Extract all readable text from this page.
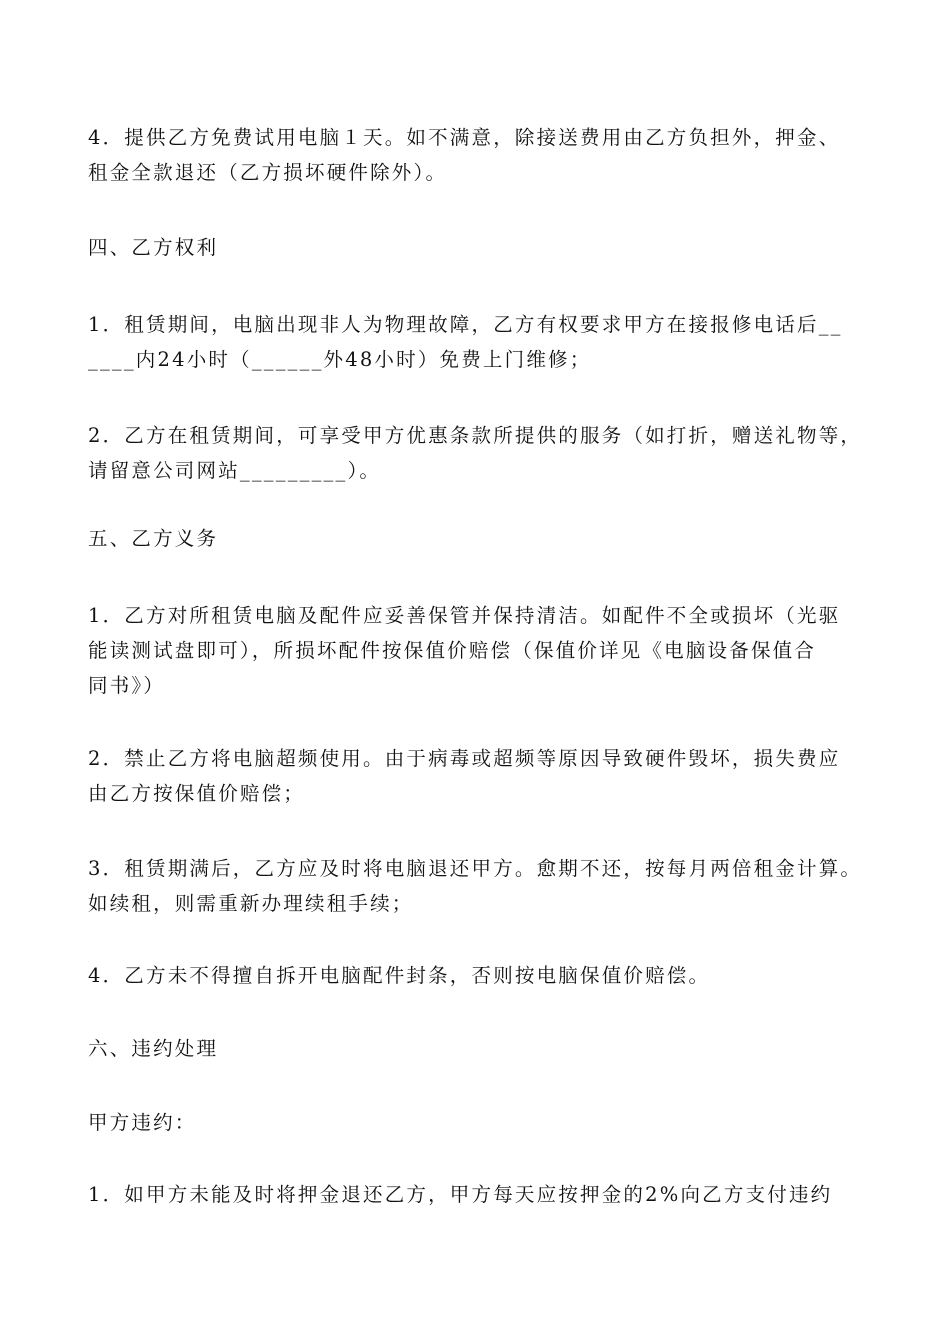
4．提供乙方免费试用电脑１天。如不满意，除接送费用由乙方负担外，押金、
租金全款退还（乙方损坏硬件除外）。
四、乙方权利
1．租赁期间，电脑出现非人为物理故障，乙方有权要求甲方在接报修电话后__
____内24小时（______外48小时）免费上门维修；
2．乙方在租赁期间，可享受甲方优惠条款所提供的服务（如打折，赠送礼物等，
请留意公司网站_________）。
五、乙方义务
1．乙方对所租赁电脑及配件应妥善保管并保持清洁。如配件不全或损坏（光驱
能读测试盘即可），所损坏配件按保值价赔偿（保值价详见《电脑设备保值合
同书》）
2．禁止乙方将电脑超频使用。由于病毒或超频等原因导致硬件毁坏，损失费应
由乙方按保值价赔偿；
3．租赁期满后，乙方应及时将电脑退还甲方。愈期不还，按每月两倍租金计算。
如续租，则需重新办理续租手续；
4．乙方未不得擅自拆开电脑配件封条，否则按电脑保值价赔偿。
六、违约处理
甲方违约：
1．如甲方未能及时将押金退还乙方，甲方每天应按押金的2%向乙方支付违约
